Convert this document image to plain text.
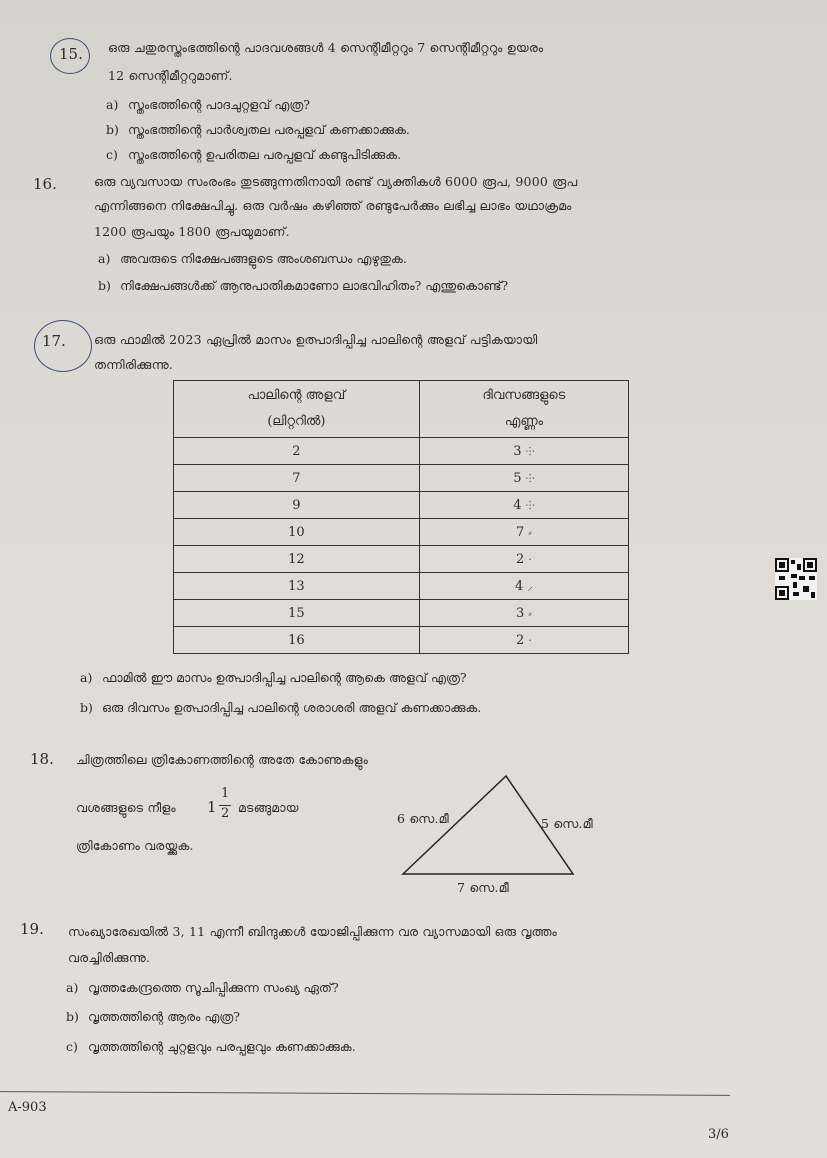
15. ഒരു ചതുരസ്തംഭത്തിന്റെ പാദവശങ്ങൾ 4 സെന്റിമീറ്ററും 7 സെന്റിമീറ്ററും ഉയരം
12 സെന്റിമീറ്ററുമാണ്.
a) സ്തംഭത്തിന്റെ പാദചുറ്റളവ് എത്ര?
b) സ്തംഭത്തിന്റെ പാർശ്വതല പരപ്പളവ് കണക്കാക്കുക.
c) സ്തംഭത്തിന്റെ ഉപരിതല പരപ്പളവ് കണ്ടുപിടിക്കുക.
16.	ഒരു വ്യവസായ സംരംഭം തുടങ്ങുന്നതിനായി രണ്ട് വ്യക്തികൾ 6000 രൂപ, 9000 രൂപ
എന്നിങ്ങനെ നിക്ഷേപിച്ചു. ഒരു വർഷം കഴിഞ്ഞ് രണ്ടുപേർക്കും ലഭിച്ച ലാഭം യഥാക്രമം
1200 രൂപയും 1800 രൂപയുമാണ്.
a) അവരുടെ നിക്ഷേപങ്ങളുടെ അംശബന്ധം എഴുതുക.
b) നിക്ഷേപങ്ങൾക്ക് ആനുപാതികമാണോ ലാഭവിഹിതം? എന്തുകൊണ്ട്?
17. ഒരു ഫാമിൽ 2023 ഏപ്രിൽ മാസം ഉത്പാദിപ്പിച്ച പാലിന്റെ അളവ് പട്ടികയായി
തന്നിരിക്കുന്നു.
പാലിന്റെ അളവ്
(ലിറ്ററിൽ)	ദിവസങ്ങളുടെ
എണ്ണം
2	3 ⸭
7	5 ⸭
9	4 ⸭
10	7 ⸗
12	2 ·
13	4 ⸝
15	3 ⸗
16	2 ·
a) ഫാമിൽ ഈ മാസം ഉത്പാദിപ്പിച്ച പാലിന്റെ ആകെ അളവ് എത്ര?
b) ഒരു ദിവസം ഉത്പാദിപ്പിച്ച പാലിന്റെ ശരാശരി അളവ് കണക്കാക്കുക.
18. ചിത്രത്തിലെ ത്രികോണത്തിന്റെ അതേ കോണുകളും
വശങ്ങളുടെ നീളം 1
1
2 മടങ്ങുമായ
ത്രികോണം വരയ്ക്കുക.
6 സെ.മീ	5 സെ.മീ
7 സെ.മീ
19. സംഖ്യാരേഖയിൽ 3, 11 എന്നീ ബിന്ദുക്കൾ യോജിപ്പിക്കുന്ന വര വ്യാസമായി ഒരു വൃത്തം
വരച്ചിരിക്കുന്നു.
a) വൃത്തകേന്ദ്രത്തെ സൂചിപ്പിക്കുന്ന സംഖ്യ ഏത്?
b) വൃത്തത്തിന്റെ ആരം എത്ര?
c) വൃത്തത്തിന്റെ ചുറ്റളവും പരപ്പളവും കണക്കാക്കുക.
A-903
3/6
